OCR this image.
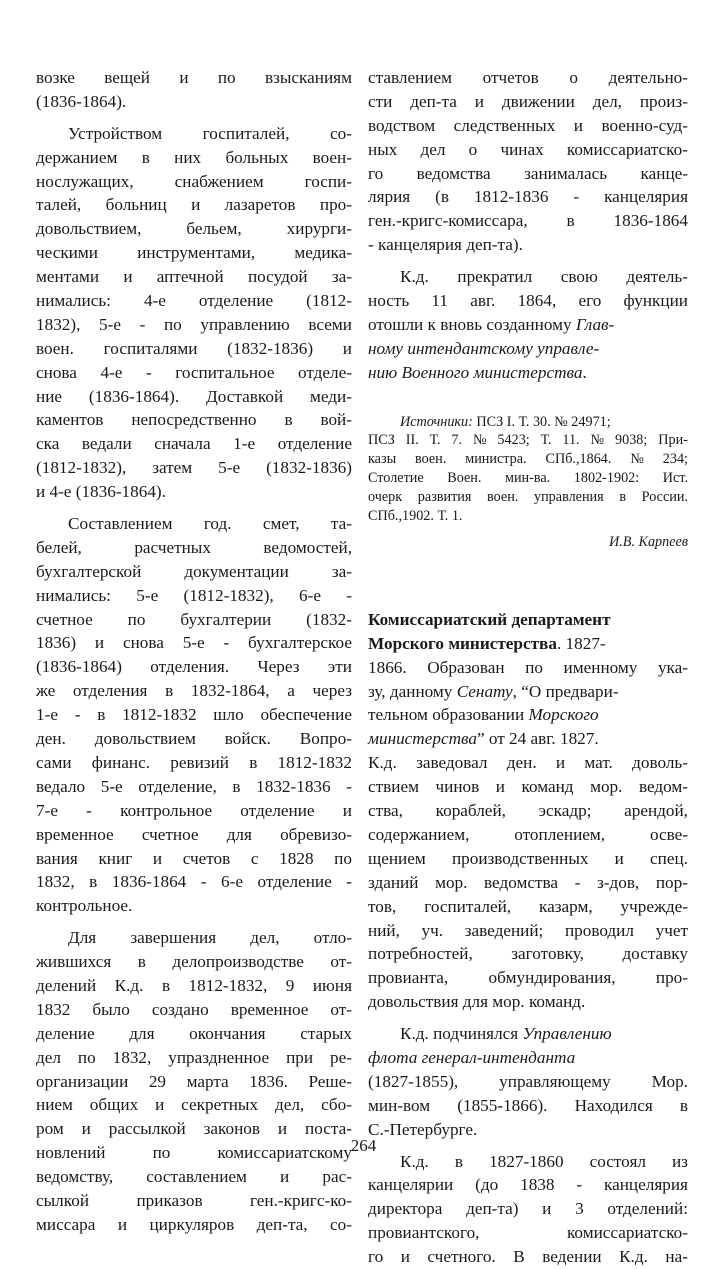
возке вещей и по взысканиям
(1836-1864).
Устройством госпиталей, со-
держанием в них больных воен-
нослужащих, снабжением госпи-
талей, больниц и лазаретов про-
довольствием,	бельем,	хирурги-
ческими инструментами, медика-
ментами и аптечной посудой за-
нимались: 4-е отделение (1812-
1832), 5-е - по управлению всеми
воен. госпиталями (1832-1836) и
снова 4-е - госпитальное отделе-
ние (1836-1864). Доставкой меди-
каментов непосредственно в вой-
ска ведали сначала 1-е отделение
(1812-1832), затем 5-е (1832-1836)
и 4-е (1836-1864).
Составлением год. смет, та-
белей,	расчетных	ведомостей,
бухгалтерской	документации	за-
нимались: 5-е (1812-1832), 6-е -
счетное по бухгалтерии (1832-
1836) и снова 5-е - бухгалтерское
(1836-1864) отделения. Через эти
же отделения в 1832-1864, а через
1-е - в 1812-1832 шло обеспечение
ден. довольствием войск. Вопро-
сами финанс. ревизий в 1812-1832
ведало 5-е отделение, в 1832-1836 -
7-е - контрольное отделение и
временное счетное для обревизо-
вания книг и счетов с 1828 по
1832, в 1836-1864 - 6-е отделение -
контрольное.
Для завершения дел, отло-
жившихся в делопроизводстве от-
делений К.д. в 1812-1832, 9 июня
1832 было создано временное от-
деление для окончания старых
дел по 1832, упраздненное при ре-
организации 29 марта 1836. Реше-
нием общих и секретных дел, сбо-
ром и рассылкой законов и поста-
новлений	по	комиссариатскому
ведомству, составлением и рас-
сылкой	приказов	ген.-кригс-ко-
миссара и циркуляров деп-та, со-
ставлением отчетов о деятельно-
сти деп-та и движении дел, произ-
водством следственных и военно-суд-
ных дел о чинах комиссариатско-
го ведомства занималась канце-
лярия (в 1812-1836 - канцелярия
ген.-кригс-комиссара, в 1836-1864
- канцелярия деп-та).
К.д. прекратил свою деятель-
ность 11 авг. 1864, его функции
отошли к вновь созданному Глав-
ному интендантскому управле-
нию Военного министерства.
Источники: ПСЗ I. Т. 30. № 24971;
ПСЗ II. Т. 7. № 5423; Т. 11. № 9038; При-
казы воен. министра. СПб.,1864. № 234;
Столетие Воен. мин-ва. 1802-1902: Ист.
очерк развития воен. управления в России.
СПб.,1902. Т. 1.
И.В. Карпеев
Комиссариатский департамент
Морского министерства. 1827-
1866. Образован по именному ука-
зу, данному Сенату, “О предвари-
тельном образовании Морского
министерства” от 24 авг. 1827.
К.д. заведовал ден. и мат. доволь-
ствием чинов и команд мор. ведом-
ства, кораблей, эскадр; арендой,
содержанием,	отоплением,	осве-
щением производственных и спец.
зданий мор. ведомства - з-дов, пор-
тов, госпиталей, казарм, учрежде-
ний, уч. заведений; проводил учет
потребностей, заготовку, доставку
провианта, обмундирования, про-
довольствия для мор. команд.
К.д. подчинялся Управлению
флота генерал-интенданта
(1827-1855), управляющему Мор.
мин-вом (1855-1866). Находился в
С.-Петербурге.
К.д. в 1827-1860 состоял из
канцелярии (до 1838 - канцелярия
директора деп-та) и 3 отделений:
провиантского,	комиссариатско-
го и счетного. В ведении К.д. на-
264
